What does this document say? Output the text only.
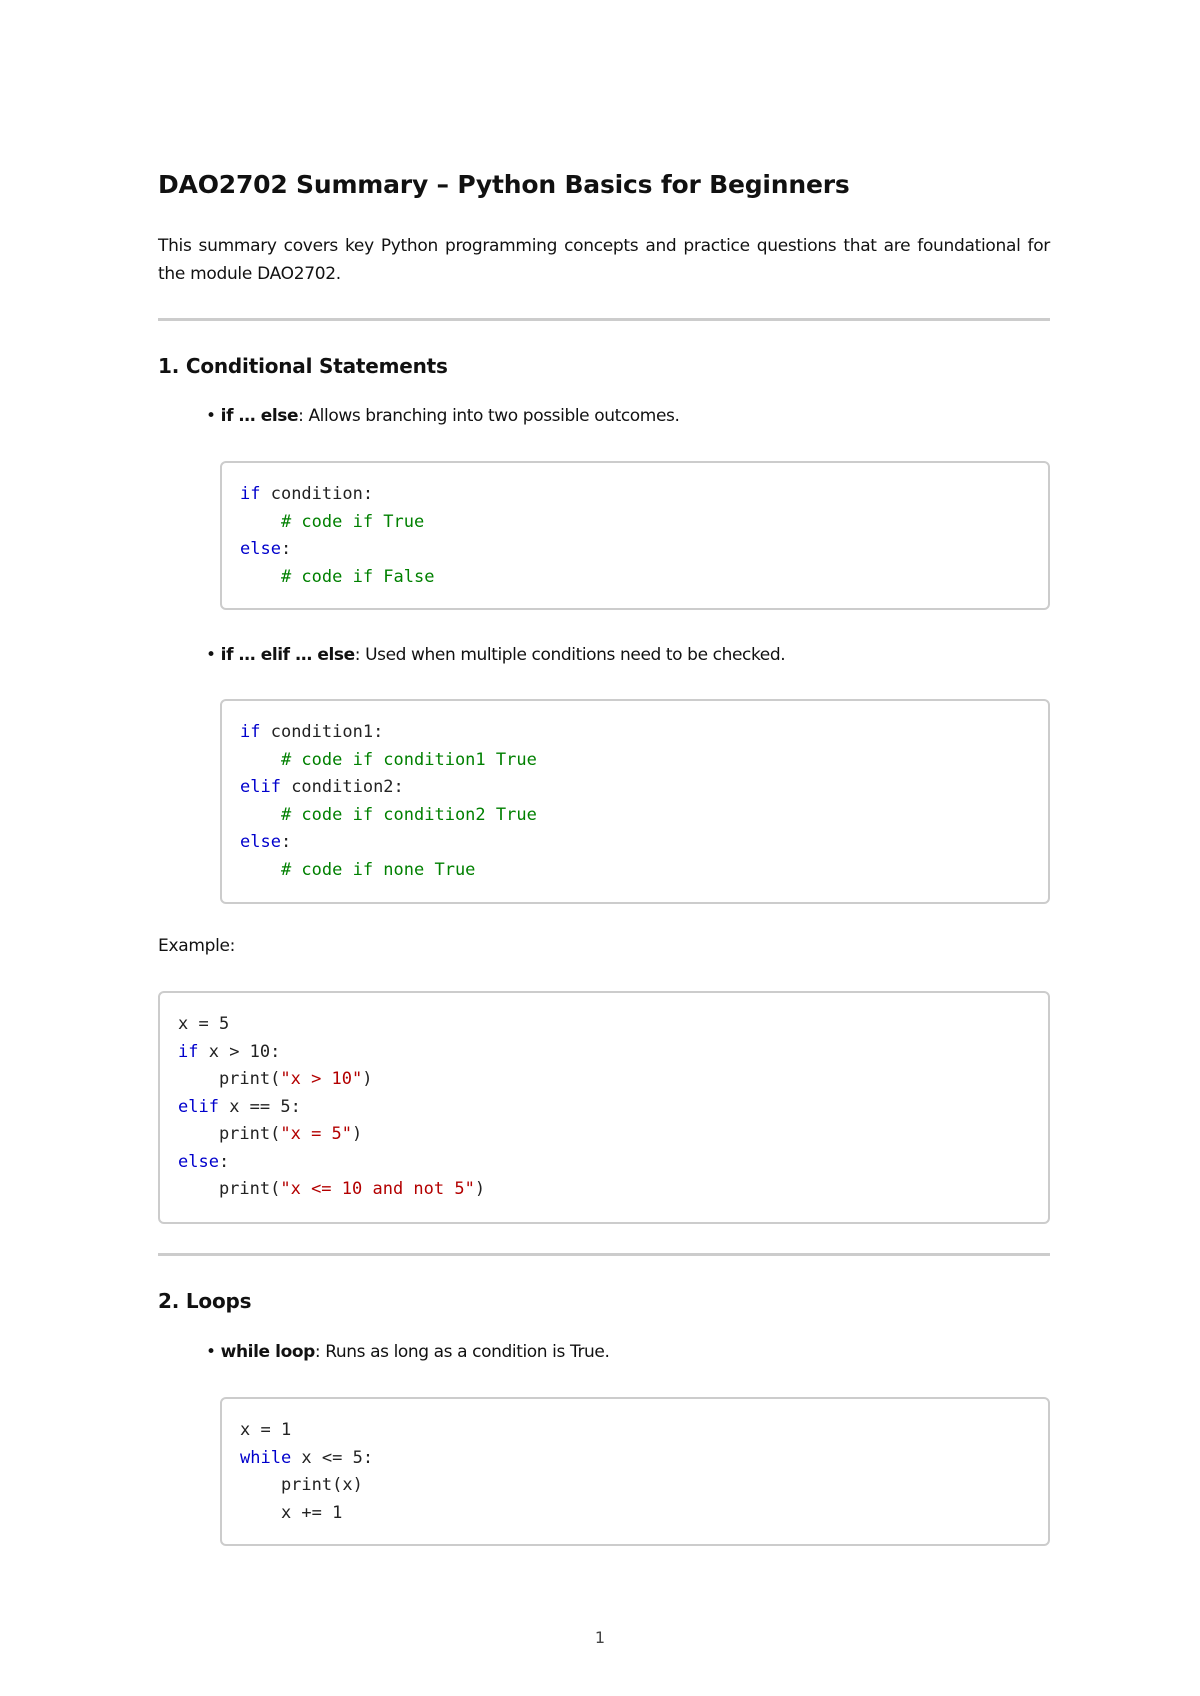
DAO2702 Summary – Python Basics for Beginners

This summary covers key Python programming concepts and practice questions that are foundational for the module DAO2702.

1. Conditional Statements

• if … else: Allows branching into two possible outcomes.

if condition:
# code if True
else:
# code if False

• if … elif … else: Used when multiple conditions need to be checked.

if condition1:
# code if condition1 True
elif condition2:
# code if condition2 True
else:
# code if none True

Example:

x = 5
if x > 10:
print("x > 10")
elif x == 5:
print("x = 5")
else:
print("x <= 10 and not 5")
2. Loops

• while loop: Runs as long as a condition is True.

x = 1
while x <= 5:
print(x)
x += 1
1
